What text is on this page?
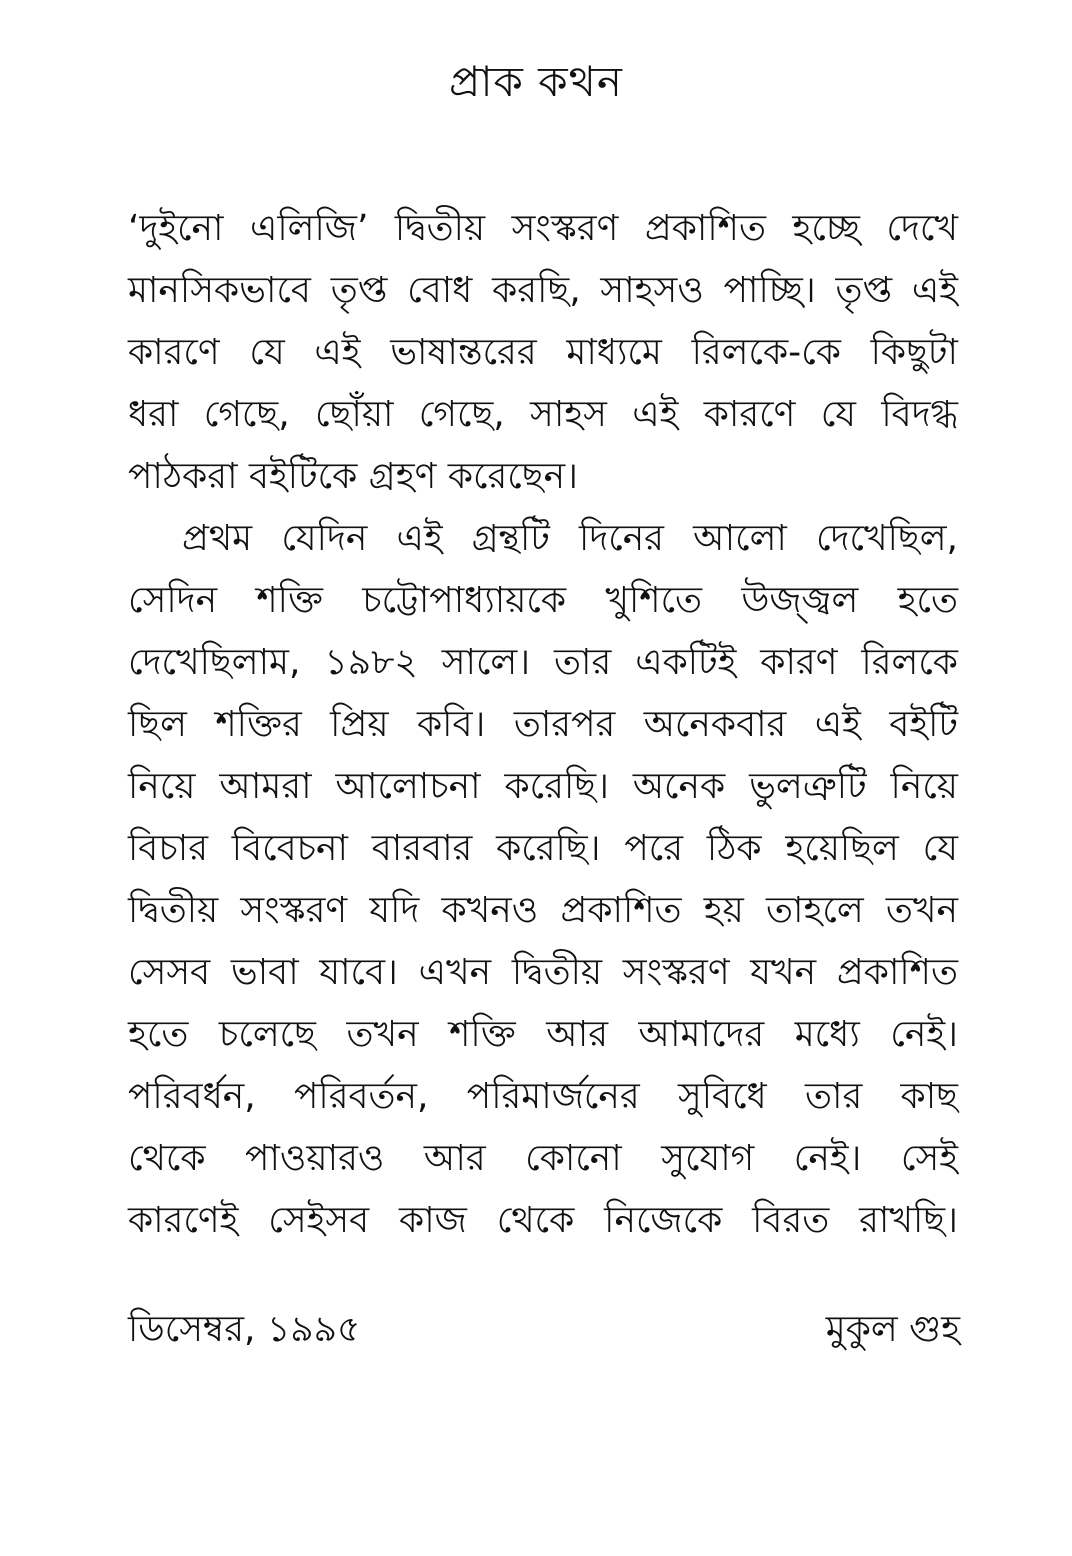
প্রাক কথন
‘দুইনো এলিজি’ দ্বিতীয় সংস্করণ প্রকাশিত হচ্ছে দেখে
মানসিকভাবে তৃপ্ত বোধ করছি, সাহসও পাচ্ছি। তৃপ্ত এই
কারণে যে এই ভাষান্তরের মাধ্যমে রিলকে-কে কিছুটা
ধরা গেছে, ছোঁয়া গেছে, সাহস এই কারণে যে বিদগ্ধ
পাঠকরা বইটিকে গ্রহণ করেছেন।
প্রথম যেদিন এই গ্রন্থটি দিনের আলো দেখেছিল,
সেদিন শক্তি চট্টোপাধ্যায়কে খুশিতে উজ্জ্বল হতে
দেখেছিলাম, ১৯৮২ সালে। তার একটিই কারণ রিলকে
ছিল শক্তির প্রিয় কবি। তারপর অনেকবার এই বইটি
নিয়ে আমরা আলোচনা করেছি। অনেক ভুলত্রুটি নিয়ে
বিচার বিবেচনা বারবার করেছি। পরে ঠিক হয়েছিল যে
দ্বিতীয় সংস্করণ যদি কখনও প্রকাশিত হয় তাহলে তখন
সেসব ভাবা যাবে। এখন দ্বিতীয় সংস্করণ যখন প্রকাশিত
হতে চলেছে তখন শক্তি আর আমাদের মধ্যে নেই।
পরিবর্ধন, পরিবর্তন, পরিমার্জনের সুবিধে তার কাছ
থেকে পাওয়ারও আর কোনো সুযোগ নেই। সেই
কারণেই সেইসব কাজ থেকে নিজেকে বিরত রাখছি।
ডিসেম্বর, ১৯৯৫	মুকুল গুহ
